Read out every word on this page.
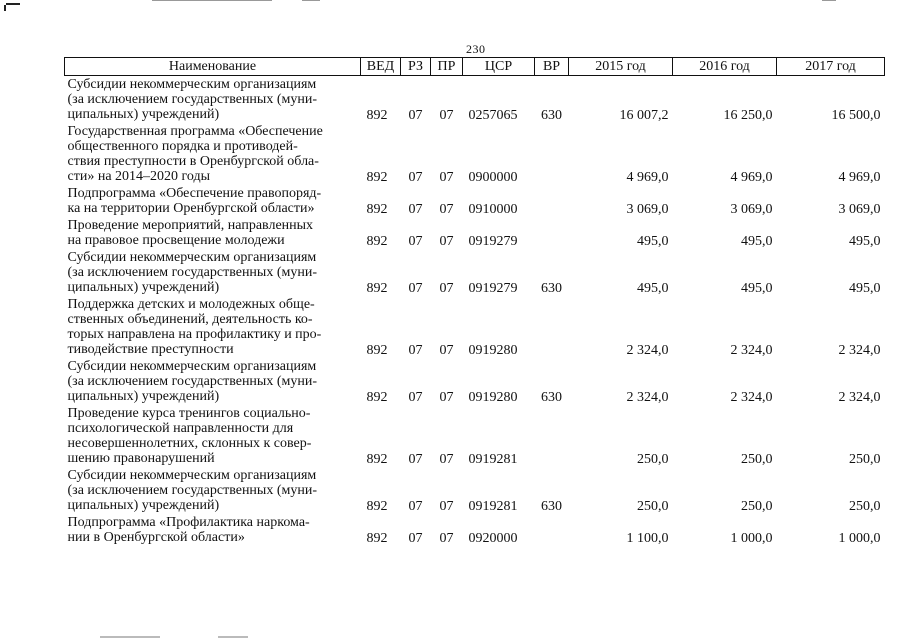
230
Наименование	ВЕД	РЗ	ПР	ЦСР	ВР	2015 год	2016 год	2017 год
Субсидии некоммерческим организациям
(за исключением государственных (муни-
ципальных) учреждений)	892	07	07	0257065	630	16 007,2	16 250,0	16 500,0
Государственная программа «Обеспечение
общественного порядка и противодей-
ствия преступности в Оренбургской обла-
сти» на 2014–2020 годы	892	07	07	0900000		4 969,0	4 969,0	4 969,0
Подпрограмма «Обеспечение правопоряд-
ка на территории Оренбургской области»	892	07	07	0910000		3 069,0	3 069,0	3 069,0
Проведение мероприятий, направленных
на правовое просвещение молодежи	892	07	07	0919279		495,0	495,0	495,0
Субсидии некоммерческим организациям
(за исключением государственных (муни-
ципальных) учреждений)	892	07	07	0919279	630	495,0	495,0	495,0
Поддержка детских и молодежных обще-
ственных объединений, деятельность ко-
торых направлена на профилактику и про-
тиводействие преступности	892	07	07	0919280		2 324,0	2 324,0	2 324,0
Субсидии некоммерческим организациям
(за исключением государственных (муни-
ципальных) учреждений)	892	07	07	0919280	630	2 324,0	2 324,0	2 324,0
Проведение курса тренингов социально-
психологической направленности для
несовершеннолетних, склонных к совер-
шению правонарушений	892	07	07	0919281		250,0	250,0	250,0
Субсидии некоммерческим организациям
(за исключением государственных (муни-
ципальных) учреждений)	892	07	07	0919281	630	250,0	250,0	250,0
Подпрограмма «Профилактика наркома-
нии в Оренбургской области»	892	07	07	0920000		1 100,0	1 000,0	1 000,0
